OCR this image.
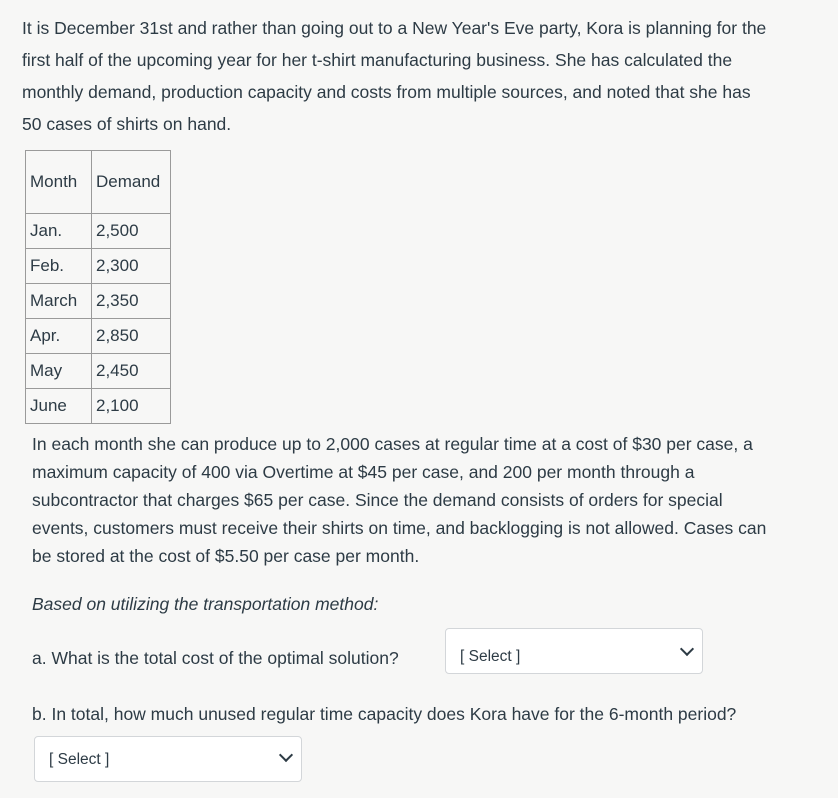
It is December 31st and rather than going out to a New Year's Eve party, Kora is planning for the
first half of the upcoming year for her t-shirt manufacturing business. She has calculated the
monthly demand, production capacity and costs from multiple sources, and noted that she has
50 cases of shirts on hand.

Month	Demand
Jan.	2,500
Feb.	2,300
March	2,350
Apr.	2,850
May	2,450
June	2,100

In each month she can produce up to 2,000 cases at regular time at a cost of $30 per case, a
maximum capacity of 400 via Overtime at $45 per case, and 200 per month through a
subcontractor that charges $65 per case. Since the demand consists of orders for special
events, customers must receive their shirts on time, and backlogging is not allowed. Cases can
be stored at the cost of $5.50 per case per month.

Based on utilizing the transportation method:

a. What is the total cost of the optimal solution?	[ Select ]

b. In total, how much unused regular time capacity does Kora have for the 6-month period?

[ Select ]
